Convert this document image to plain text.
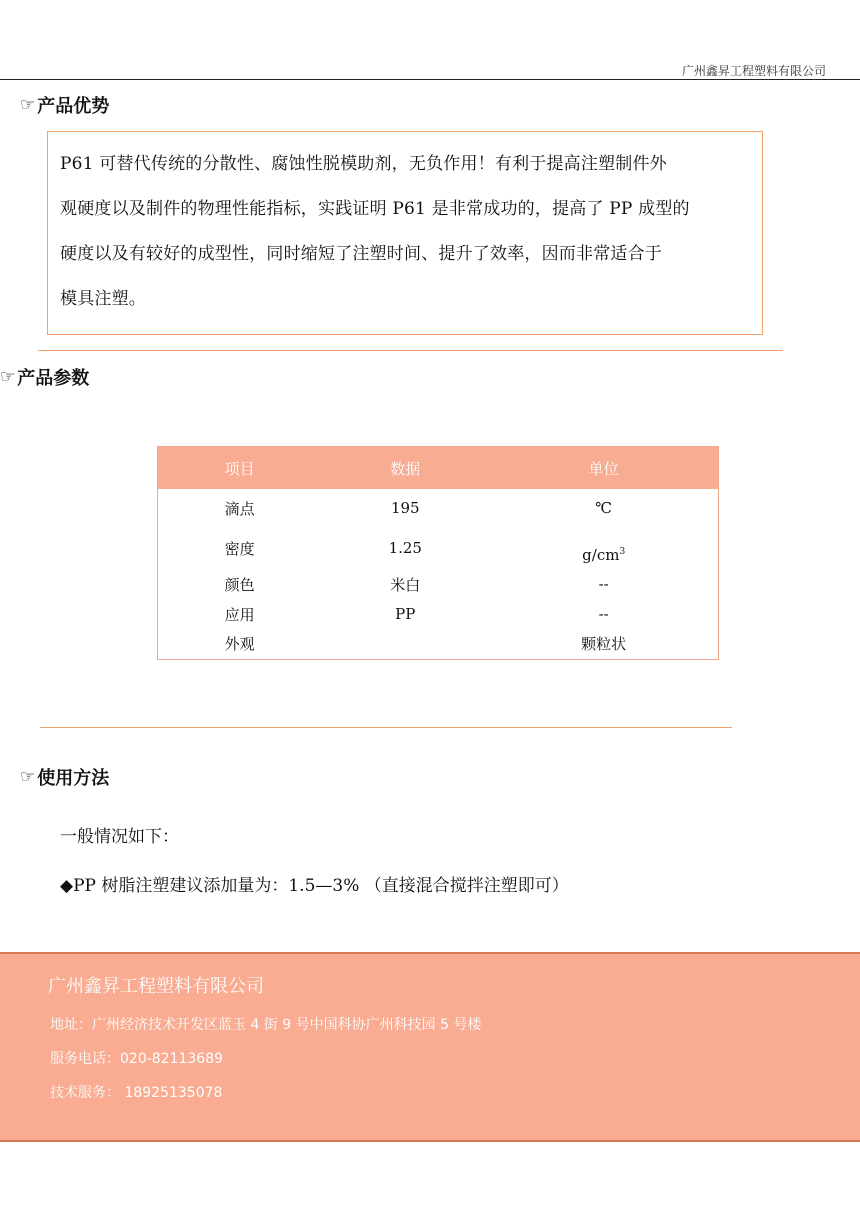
广州鑫昇工程塑料有限公司
☞ 产品优势

P61 可替代传统的分散性、腐蚀性脱模助剂，无负作用！有利于提高注塑制件外

观硬度以及制件的物理性能指标，实践证明 P61 是非常成功的，提高了 PP 成型的

硬度以及有较好的成型性，同时缩短了注塑时间、提升了效率，因而非常适合于

模具注塑。

☞ 产品参数
项目	数据	单位
滴点	195	℃
密度	1.25	$g/cm^3$
颜色	米白	--
应用	PP	--
外观		颗粒状
☞ 使用方法
一般情况如下：
◆PP 树脂注塑建议添加量为：1.5—3% （直接混合搅拌注塑即可）
广州鑫昇工程塑料有限公司
地址：广州经济技术开发区蓝玉 4 街 9 号中国科协广州科技园 5 号楼
服务电话：020-82113689
技术服务： 18925135078
